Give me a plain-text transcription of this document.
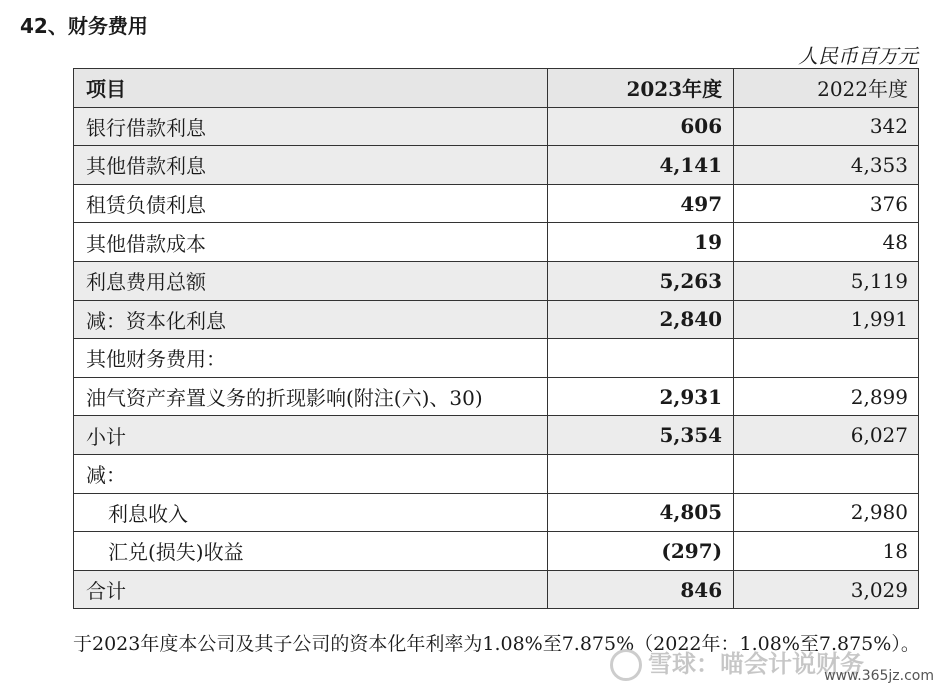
42、财务费用
人民币百万元
项目	2023年度	2022年度
银行借款利息	606	342
其他借款利息	4,141	4,353
租赁负债利息	497	376
其他借款成本	19	48
利息费用总额	5,263	5,119
减：资本化利息	2,840	1,991
其他财务费用：		
油气资产弃置义务的折现影响(附注(六)、30)	2,931	2,899
小计	5,354	6,027
减：		
利息收入	4,805	2,980
汇兑(损失)收益	(297)	18
合计	846	3,029
于2023年度本公司及其子公司的资本化年利率为1.08%至7.875%（2022年：1.08%至7.875%）。
雪球：喵会计说财务
www.365jz.com
